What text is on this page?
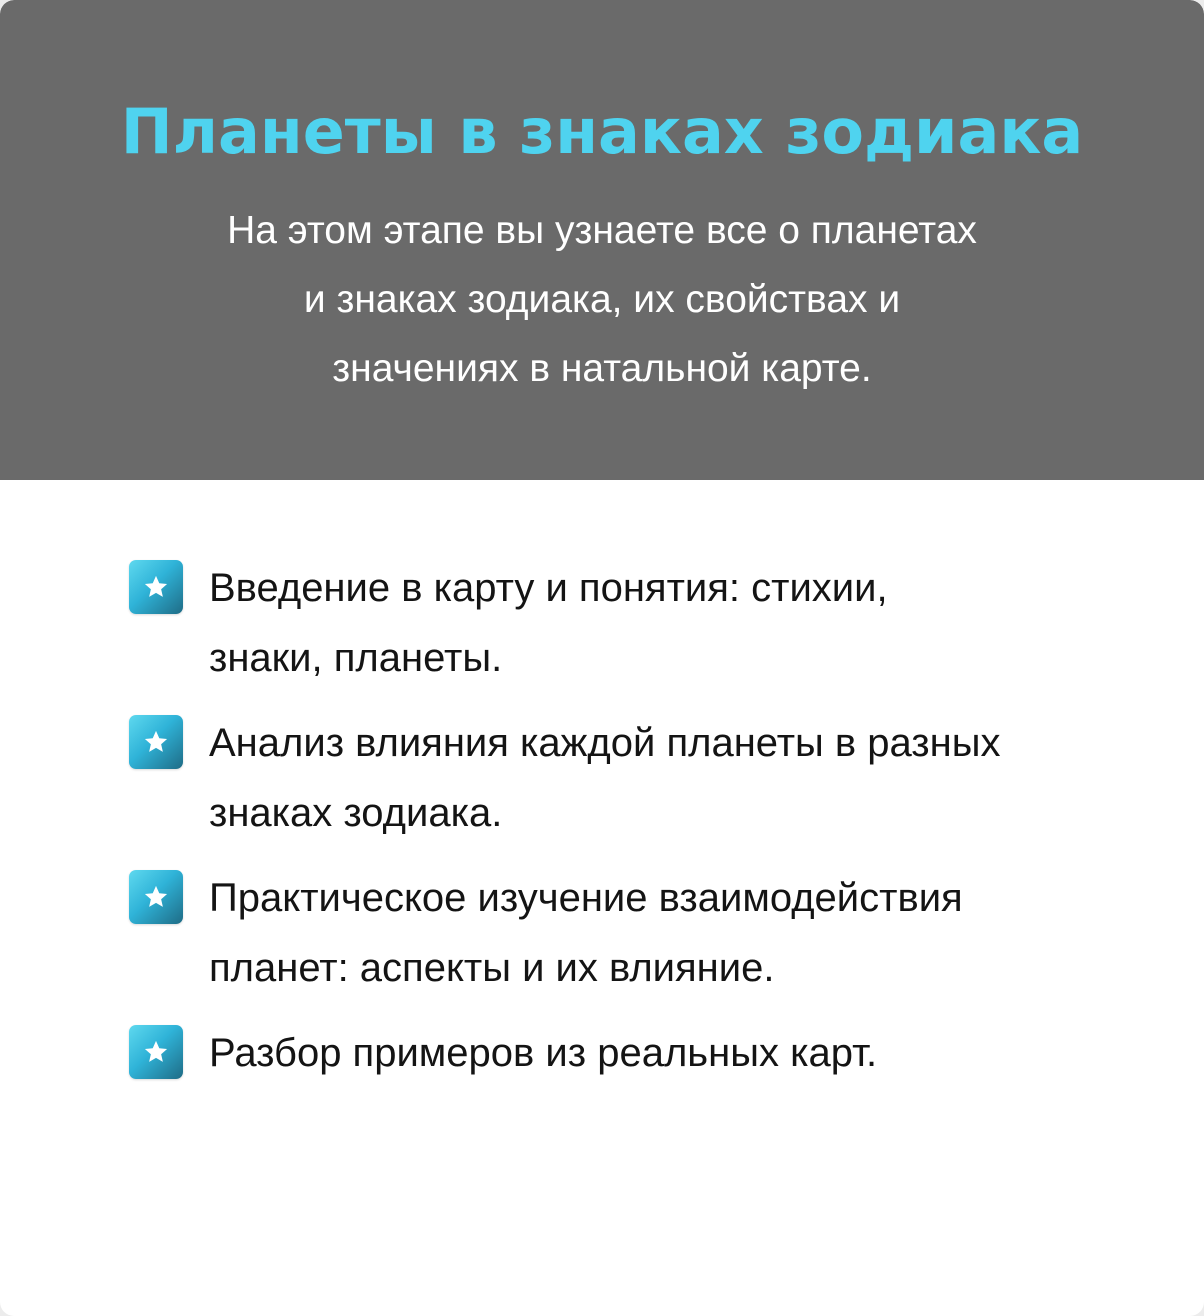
Планеты в знаках зодиака
На этом этапе вы узнаете все о планетах
и знаках зодиака, их свойствах и
значениях в натальной карте.
Введение в карту и понятия: стихии,
знаки, планеты.
Анализ влияния каждой планеты в разных
знаках зодиака.
Практическое изучение взаимодействия
планет: аспекты и их влияние.
Разбор примеров из реальных карт.
